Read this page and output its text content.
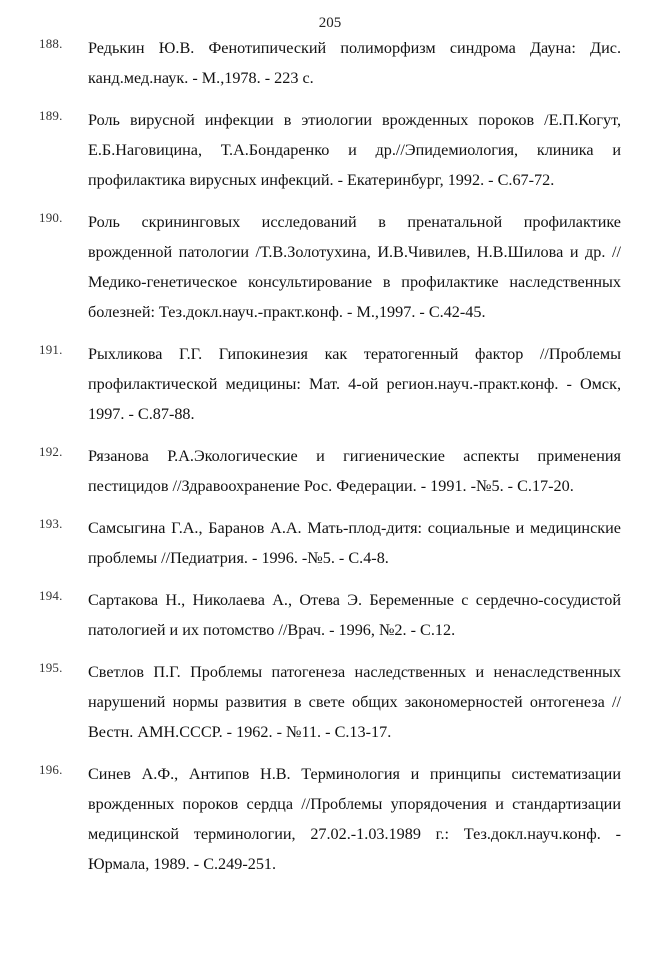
205
188. Редькин Ю.В. Фенотипический полиморфизм синдрома Дауна: Дис. канд.мед.наук. - М.,1978. - 223 с.
189. Роль вирусной инфекции в этиологии врожденных пороков /Е.П.Когут, Е.Б.Наговицина, Т.А.Бондаренко и др.//Эпидемиология, клиника и профилактика вирусных инфекций. - Екатеринбург, 1992. - С.67-72.
190. Роль скрининговых исследований в пренатальной профилактике врожденной патологии /Т.В.Золотухина, И.В.Чивилев, Н.В.Шилова и др. //Медико-генетическое консультирование в профилактике наследственных болезней: Тез.докл.науч.-практ.конф. - М.,1997. - С.42-45.
191. Рыхликова Г.Г. Гипокинезия как тератогенный фактор //Проблемы профилактической медицины: Мат. 4-ой регион.науч.-практ.конф. - Омск, 1997. - С.87-88.
192. Рязанова Р.А.Экологические и гигиенические аспекты применения пестицидов //Здравоохранение Рос. Федерации. - 1991. -№5. - С.17-20.
193. Самсыгина Г.А., Баранов А.А. Мать-плод-дитя: социальные и медицинские проблемы //Педиатрия. - 1996. -№5. - С.4-8.
194. Сартакова Н., Николаева А., Отева Э. Беременные с сердечно-сосудистой патологией и их потомство //Врач. - 1996, №2. - С.12.
195. Светлов П.Г. Проблемы патогенеза наследственных и ненаследственных нарушений нормы развития в свете общих закономерностей онтогенеза //Вестн. АМН.СССР. - 1962. - №11. - С.13-17.
196. Синев А.Ф., Антипов Н.В. Терминология и принципы систематизации врожденных пороков сердца //Проблемы упорядочения и стандартизации медицинской терминологии, 27.02.-1.03.1989 г.: Тез.докл.науч.конф. - Юрмала, 1989. - С.249-251.
